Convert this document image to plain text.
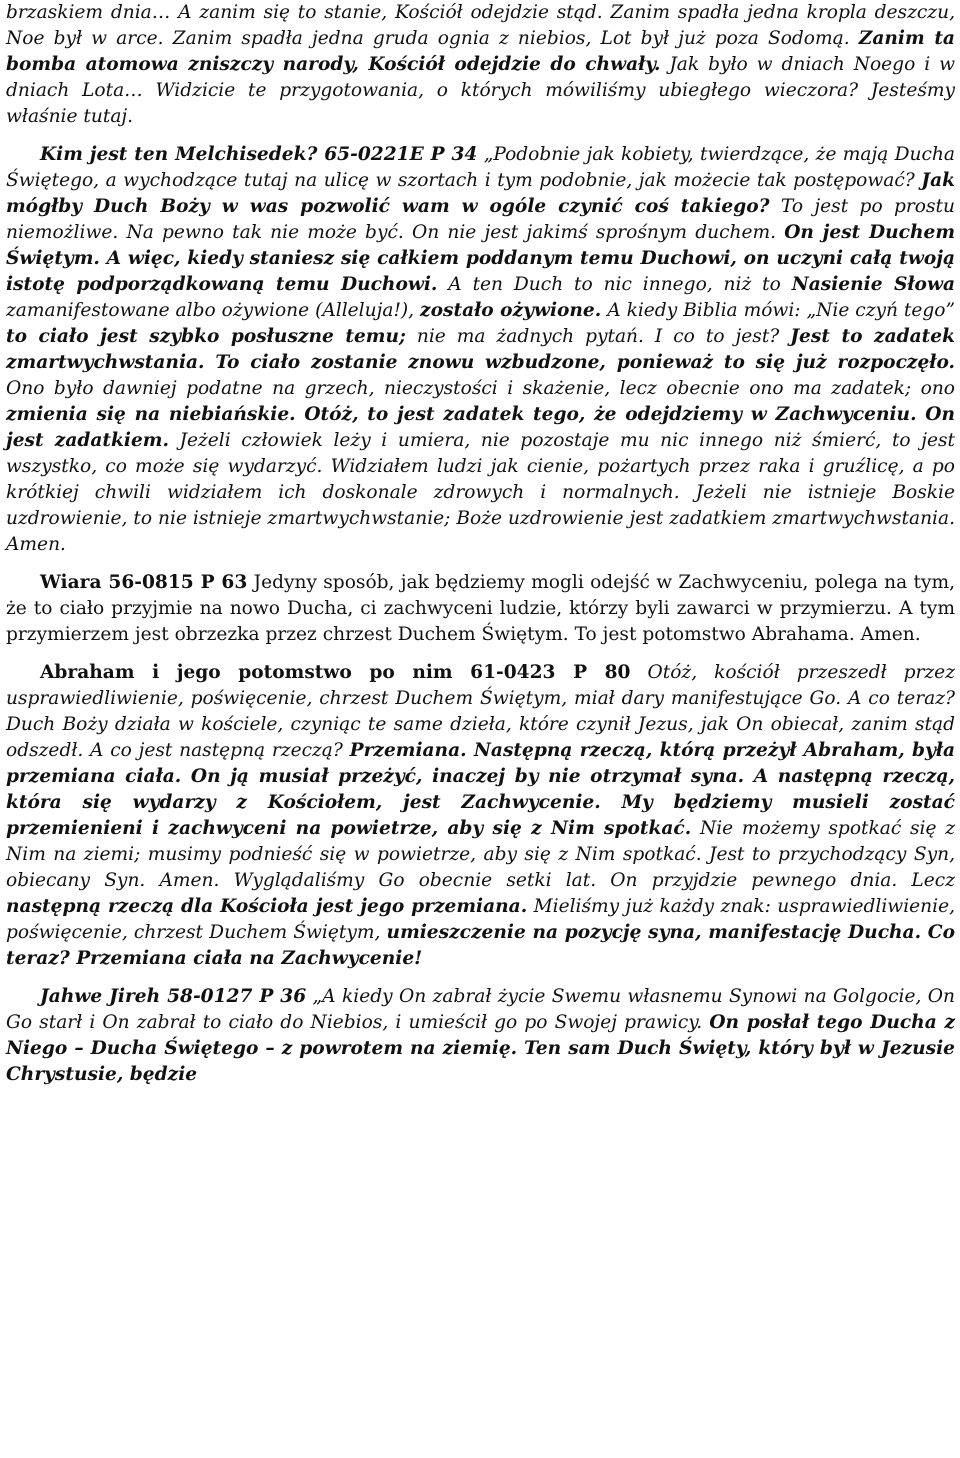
brzaskiem dnia… A zanim się to stanie, Kościół odejdzie stąd. Zanim spadła jedna kropla deszczu, Noe był w arce. Zanim spadła jedna gruda ognia z niebios, Lot był już poza Sodomą. Zanim ta bomba atomowa zniszczy narody, Kościół odejdzie do chwały. Jak było w dniach Noego i w dniach Lota… Widzicie te przygotowania, o których mówiliśmy ubiegłego wieczora? Jesteśmy właśnie tutaj.

Kim jest ten Melchisedek? 65-0221E P 34 „Podobnie jak kobiety, twierdzące, że mają Ducha Świętego, a wychodzące tutaj na ulicę w szortach i tym podobnie, jak możecie tak postępować? Jak mógłby Duch Boży w was pozwolić wam w ogóle czynić coś takiego? To jest po prostu niemożliwe. Na pewno tak nie może być. On nie jest jakimś sprośnym duchem. On jest Duchem Świętym. A więc, kiedy staniesz się całkiem poddanym temu Duchowi, on uczyni całą twoją istotę podporządkowaną temu Duchowi. A ten Duch to nic innego, niż to Nasienie Słowa zamanifestowane albo ożywione (Alleluja!), zostało ożywione. A kiedy Biblia mówi: „Nie czyń tego” to ciało jest szybko posłuszne temu; nie ma żadnych pytań. I co to jest? Jest to zadatek zmartwychwstania. To ciało zostanie znowu wzbudzone, ponieważ to się już rozpoczęło. Ono było dawniej podatne na grzech, nieczystości i skażenie, lecz obecnie ono ma zadatek; ono zmienia się na niebiańskie. Otóż, to jest zadatek tego, że odejdziemy w Zachwyceniu. On jest zadatkiem. Jeżeli człowiek leży i umiera, nie pozostaje mu nic innego niż śmierć, to jest wszystko, co może się wydarzyć. Widziałem ludzi jak cienie, pożartych przez raka i gruźlicę, a po krótkiej chwili widziałem ich doskonale zdrowych i normalnych. Jeżeli nie istnieje Boskie uzdrowienie, to nie istnieje zmartwychwstanie; Boże uzdrowienie jest zadatkiem zmartwychwstania. Amen.

Wiara 56-0815 P 63 Jedyny sposób, jak będziemy mogli odejść w Zachwyceniu, polega na tym, że to ciało przyjmie na nowo Ducha, ci zachwyceni ludzie, którzy byli zawarci w przymierzu. A tym przymierzem jest obrzezka przez chrzest Duchem Świętym. To jest potomstwo Abrahama. Amen.

Abraham i jego potomstwo po nim 61-0423 P 80 Otóż, kościół przeszedł przez usprawiedliwienie, poświęcenie, chrzest Duchem Świętym, miał dary manifestujące Go. A co teraz? Duch Boży działa w kościele, czyniąc te same dzieła, które czynił Jezus, jak On obiecał, zanim stąd odszedł. A co jest następną rzeczą? Przemiana. Następną rzeczą, którą przeżył Abraham, była przemiana ciała. On ją musiał przeżyć, inaczej by nie otrzymał syna. A następną rzeczą, która się wydarzy z Kościołem, jest Zachwycenie. My będziemy musieli zostać przemienieni i zachwyceni na powietrze, aby się z Nim spotkać. Nie możemy spotkać się z Nim na ziemi; musimy podnieść się w powietrze, aby się z Nim spotkać. Jest to przychodzący Syn, obiecany Syn. Amen. Wyglądaliśmy Go obecnie setki lat. On przyjdzie pewnego dnia. Lecz następną rzeczą dla Kościoła jest jego przemiana. Mieliśmy już każdy znak: usprawiedliwienie, poświęcenie, chrzest Duchem Świętym, umieszczenie na pozycję syna, manifestację Ducha. Co teraz? Przemiana ciała na Zachwycenie!

Jahwe Jireh 58-0127 P 36 „A kiedy On zabrał życie Swemu własnemu Synowi na Golgocie, On Go starł i On zabrał to ciało do Niebios, i umieścił go po Swojej prawicy. On posłał tego Ducha z Niego – Ducha Świętego – z powrotem na ziemię. Ten sam Duch Święty, który był w Jezusie Chrystusie, będzie
